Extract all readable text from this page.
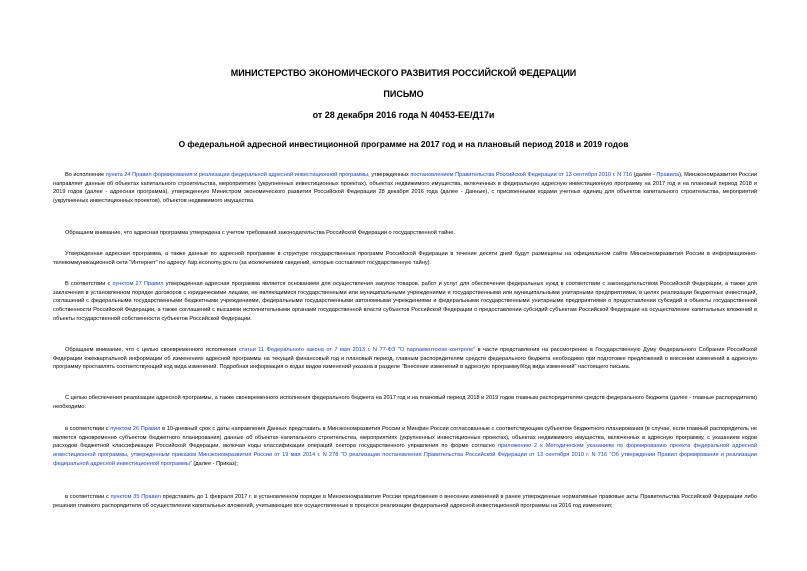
МИНИСТЕРСТВО ЭКОНОМИЧЕСКОГО РАЗВИТИЯ РОССИЙСКОЙ ФЕДЕРАЦИИ
ПИСЬМО
от 28 декабря 2016 года N 40453-ЕЕ/Д17и
О федеральной адресной инвестиционной программе на 2017 год и на плановый период 2018 и 2019 годов
Во исполнение пункта 24 Правил формирования и реализации федеральной адресной инвестиционной программы, утвержденных постановлением Правительства Российской Федерации от 13 сентября 2010 г. N 716 (далее - Правила), Минэкономразвития России направляет данные об объектах капитального строительства, мероприятиях (укрупненных инвестиционных проектах), объектах недвижимого имущества, включенных в федеральную адресную инвестиционную программу на 2017 год и на плановый период 2018 и 2019 годов (далее - адресная программа), утвержденную Министром экономического развития Российской Федерации 28 декабря 2016 года (далее - Данные), с присвоенными кодами учетных единиц для объектов капитального строительства, мероприятий (укрупненных инвестиционных проектов), объектов недвижимого имущества.
Обращаем внимание, что адресная программа утверждена с учетом требований законодательства Российской Федерации о государственной тайне.
Утвержденная адресная программа, а также данные по адресной программе в структуре государственных программ Российской Федерации в течение десяти дней будут размещены на официальном сайте Минэкономразвития России в информационно-телекоммуникационной сети "Интернет" по адресу: faip.economy.gov.ru (за исключением сведений, которые составляют государственную тайну).
В соответствии с пунктом 27 Правил утвержденная адресная программа является основанием для осуществления закупок товаров, работ и услуг для обеспечения федеральных нужд в соответствии с законодательством Российской Федерации, а также для заключения в установленном порядке договоров с юридическими лицами, не являющимися государственными или муниципальными учреждениями и государственными или муниципальными унитарными предприятиями, в целях реализации бюджетных инвестиций, соглашений с федеральными государственными бюджетными учреждениями, федеральными государственными автономными учреждениями и федеральными государственными унитарными предприятиями о предоставлении субсидий в объекты государственной собственности Российской Федерации, а также соглашений с высшими исполнительными органами государственной власти субъектов Российской Федерации о предоставлении субсидий субъектам Российской Федерации на осуществление капитальных вложений в объекты государственной собственности субъектов Российской Федерации.
Обращаем внимание, что с целью своевременного исполнения статьи 11 Федерального закона от 7 мая 2013 г. N 77-ФЗ "О парламентском контроле" в части представления на рассмотрение в Государственную Думу Федерального Собрания Российской Федерации ежеквартальной информации об изменениях адресной программы на текущий финансовый год и плановый период, главным распорядителям средств федерального бюджета необходимо при подготовке предложений о внесении изменений в адресную программу проставлять соответствующий код вида изменений. Подробная информация о кодах видов изменений указана в разделе "Внесение изменений в адресную программу/Код вида изменений" настоящего письма.
С целью обеспечения реализации адресной программы, а также своевременного исполнения федерального бюджета на 2017 год и на плановый период 2018 и 2019 годов главным распорядителям средств федерального бюджета (далее - главные распорядители) необходимо:
в соответствии с пунктом 26 Правил в 10-дневный срок с даты направления Данных представить в Минэкономразвития России и Минфин России согласованные с соответствующим субъектом бюджетного планирования (в случае, если главный распорядитель не является одновременно субъектом бюджетного планирования) данные об объектах капитального строительства, мероприятиях (укрупненных инвестиционных проектах), объектах недвижимого имущества, включенных в адресную программу, с указанием кодов расходов бюджетной классификации Российской Федерации, включая коды классификации операций сектора государственного управления по форме согласно приложению 2 к Методическим указаниям по формированию проекта федеральной адресной инвестиционной программы, утвержденным приказом Минэкономразвития России от 19 мая 2014 г. N 278 "О реализации постановления Правительства Российской Федерации от 13 сентября 2010 г. N 716 "Об утверждении Правил формирования и реализации федеральной адресной инвестиционной программы" (далее - Приказ);
в соответствии с пунктом 35 Правил представить до 1 февраля 2017 г. в установленном порядке в Минэкономразвития России предложения о внесении изменений в ранее утвержденные нормативные правовые акты Правительства Российской Федерации либо решения главного распорядителя об осуществлении капитальных вложений, учитывающие все осуществленные в процессе реализации федеральной адресной инвестиционной программы на 2016 год изменения;
